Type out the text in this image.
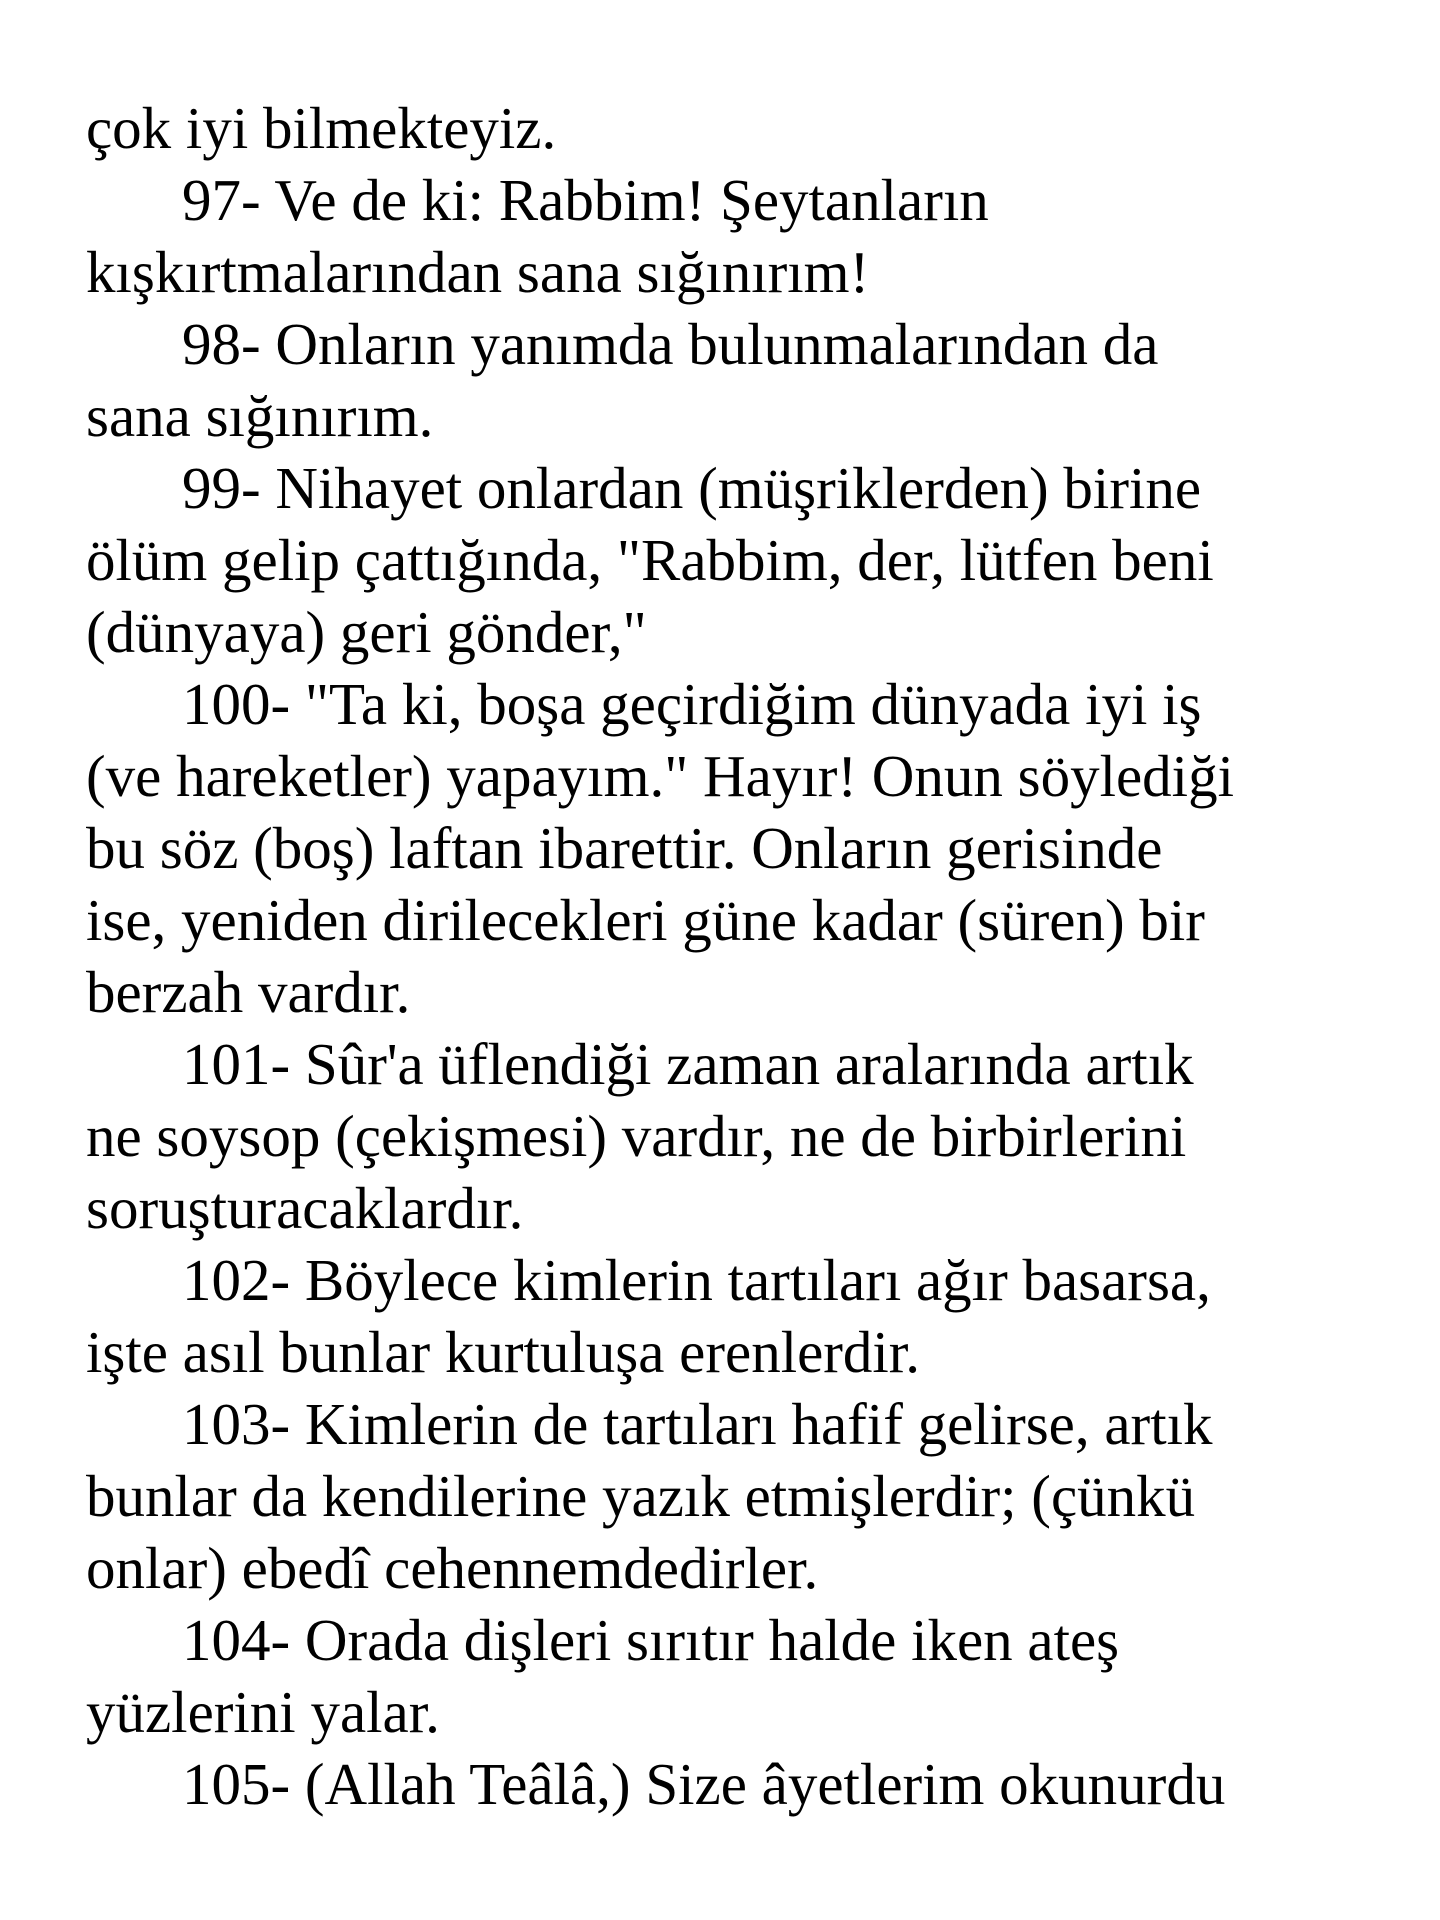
çok iyi bilmekteyiz.
97- Ve de ki: Rabbim! Şeytanların
kışkırtmalarından sana sığınırım!
98- Onların yanımda bulunmalarından da
sana sığınırım.
99- Nihayet onlardan (müşriklerden) birine
ölüm gelip çattığında, "Rabbim, der, lütfen beni
(dünyaya) geri gönder,"
100- "Ta ki, boşa geçirdiğim dünyada iyi iş
(ve hareketler) yapayım." Hayır! Onun söylediği
bu söz (boş) laftan ibarettir. Onların gerisinde
ise, yeniden dirilecekleri güne kadar (süren) bir
berzah vardır.
101- Sûr'a üflendiği zaman aralarında artık
ne soysop (çekişmesi) vardır, ne de birbirlerini
soruşturacaklardır.
102- Böylece kimlerin tartıları ağır basarsa,
işte asıl bunlar kurtuluşa erenlerdir.
103- Kimlerin de tartıları hafif gelirse, artık
bunlar da kendilerine yazık etmişlerdir; (çünkü
onlar) ebedî cehennemdedirler.
104- Orada dişleri sırıtır halde iken ateş
yüzlerini yalar.
105- (Allah Teâlâ,) Size âyetlerim okunurdu
